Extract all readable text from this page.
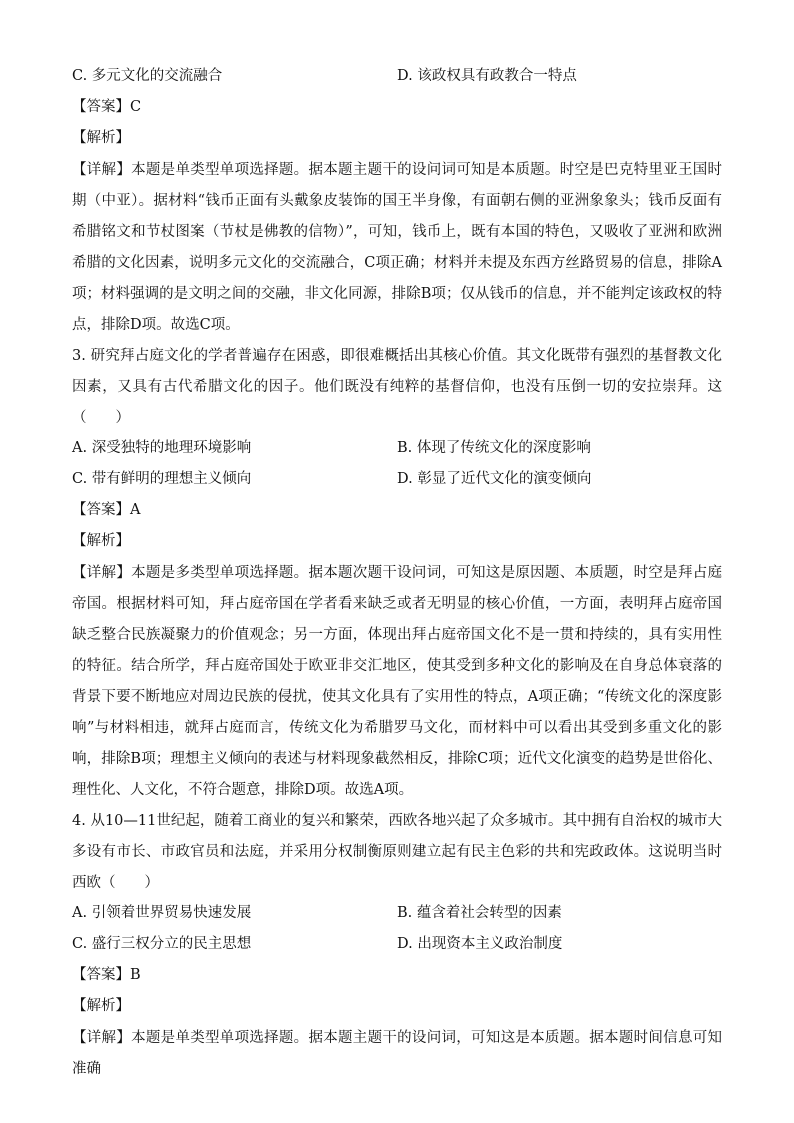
C. 多元文化的交流融合	D. 该政权具有政教合一特点
【答案】C
【解析】

【详解】本题是单类型单项选择题。据本题主题干的设问词可知是本质题。时空是巴克特里亚王国时期（中亚）。据材料“钱币正面有头戴象皮装饰的国王半身像，有面朝右侧的亚洲象象头；钱币反面有希腊铭文和节杖图案（节杖是佛教的信物）”，可知，钱币上，既有本国的特色，又吸收了亚洲和欧洲希腊的文化因素，说明多元文化的交流融合，C项正确；材料并未提及东西方丝路贸易的信息，排除A项；材料强调的是文明之间的交融，非文化同源，排除B项；仅从钱币的信息，并不能判定该政权的特点，排除D项。故选C项。

3. 研究拜占庭文化的学者普遍存在困惑，即很难概括出其核心价值。其文化既带有强烈的基督教文化因素，又具有古代希腊文化的因子。他们既没有纯粹的基督信仰，也没有压倒一切的安拉崇拜。这（　　）

A. 深受独特的地理环境影响	B. 体现了传统文化的深度影响
C. 带有鲜明的理想主义倾向	D. 彰显了近代文化的演变倾向
【答案】A
【解析】

【详解】本题是多类型单项选择题。据本题次题干设问词，可知这是原因题、本质题，时空是拜占庭帝国。根据材料可知，拜占庭帝国在学者看来缺乏或者无明显的核心价值，一方面，表明拜占庭帝国缺乏整合民族凝聚力的价值观念；另一方面，体现出拜占庭帝国文化不是一贯和持续的，具有实用性的特征。结合所学，拜占庭帝国处于欧亚非交汇地区，使其受到多种文化的影响及在自身总体衰落的背景下要不断地应对周边民族的侵扰，使其文化具有了实用性的特点，A项正确；“传统文化的深度影响”与材料相违，就拜占庭而言，传统文化为希腊罗马文化，而材料中可以看出其受到多重文化的影响，排除B项；理想主义倾向的表述与材料现象截然相反，排除C项；近代文化演变的趋势是世俗化、理性化、人文化，不符合题意，排除D项。故选A项。

4. 从10—11世纪起，随着工商业的复兴和繁荣，西欧各地兴起了众多城市。其中拥有自治权的城市大多设有市长、市政官员和法庭，并采用分权制衡原则建立起有民主色彩的共和宪政政体。这说明当时西欧（　　）

A. 引领着世界贸易快速发展	B. 蕴含着社会转型的因素
C. 盛行三权分立的民主思想	D. 出现资本主义政治制度
【答案】B
【解析】

【详解】本题是单类型单项选择题。据本题主题干的设问词，可知这是本质题。据本题时间信息可知准确
